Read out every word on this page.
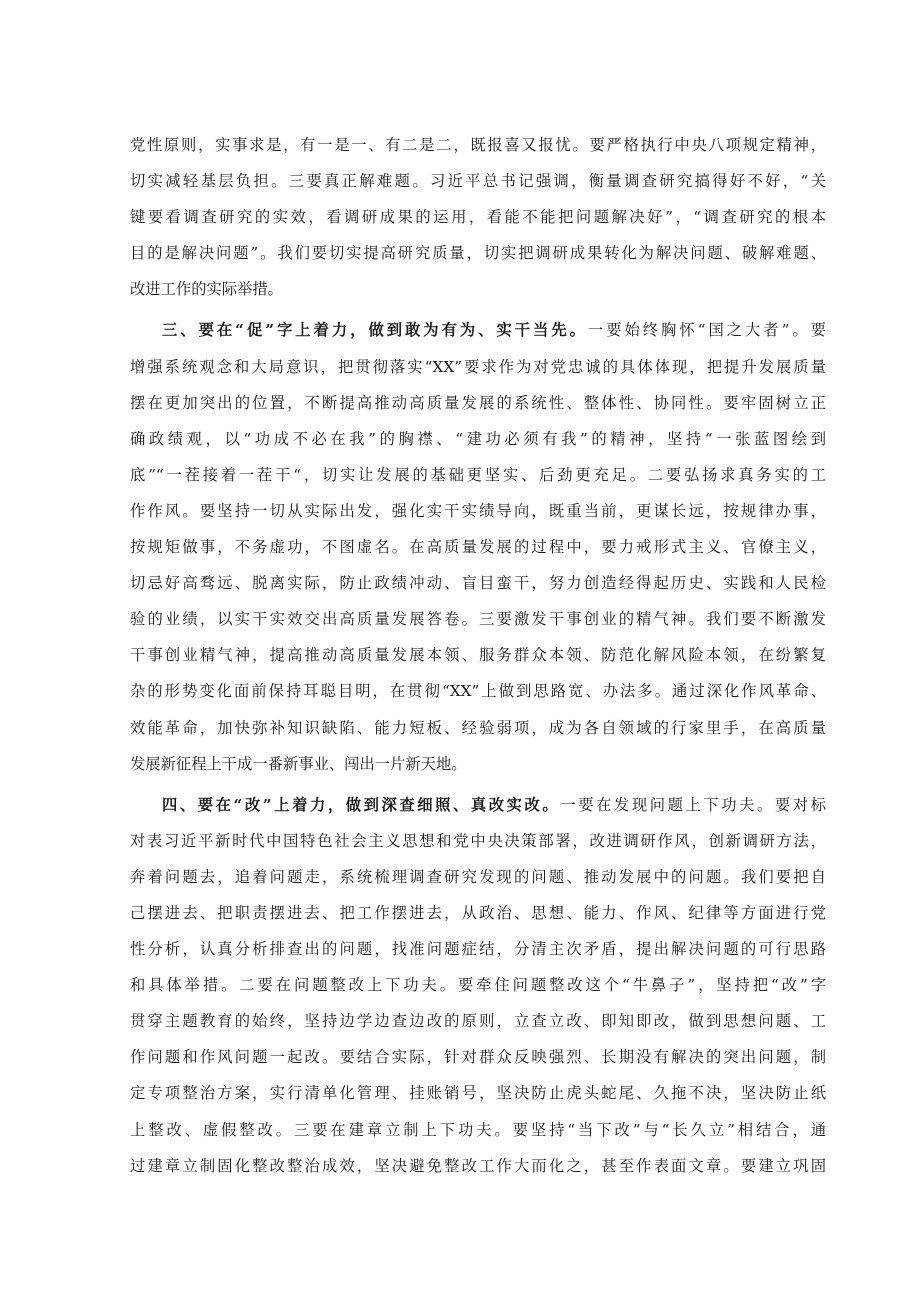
党性原则，实事求是，有一是一、有二是二，既报喜又报忧。要严格执行中央八项规定精神，
切实减轻基层负担。三要真正解难题。习近平总书记强调，衡量调查研究搞得好不好，“关
键要看调查研究的实效，看调研成果的运用，看能不能把问题解决好”，“调查研究的根本
目的是解决问题”。我们要切实提高研究质量，切实把调研成果转化为解决问题、破解难题、
改进工作的实际举措。
三、要在“促”字上着力，做到敢为有为、实干当先。一要始终胸怀“国之大者”。要
增强系统观念和大局意识，把贯彻落实“XX”要求作为对党忠诚的具体体现，把提升发展质量
摆在更加突出的位置，不断提高推动高质量发展的系统性、整体性、协同性。要牢固树立正
确政绩观，以“功成不必在我”的胸襟、“建功必须有我”的精神，坚持“一张蓝图绘到
底”“一茬接着一茬干“，切实让发展的基础更坚实、后劲更充足。二要弘扬求真务实的工
作作风。要坚持一切从实际出发，强化实干实绩导向，既重当前，更谋长远，按规律办事，
按规矩做事，不务虚功，不图虚名。在高质量发展的过程中，要力戒形式主义、官僚主义，
切忌好高骛远、脱离实际，防止政绩冲动、盲目蛮干，努力创造经得起历史、实践和人民检
验的业绩，以实干实效交出高质量发展答卷。三要激发干事创业的精气神。我们要不断激发
干事创业精气神，提高推动高质量发展本领、服务群众本领、防范化解风险本领，在纷繁复
杂的形势变化面前保持耳聪目明，在贯彻“XX”上做到思路宽、办法多。通过深化作风革命、
效能革命，加快弥补知识缺陷、能力短板、经验弱项，成为各自领域的行家里手，在高质量
发展新征程上干成一番新事业、闯出一片新天地。
四、要在“改”上着力，做到深查细照、真改实改。一要在发现问题上下功夫。要对标
对表习近平新时代中国特色社会主义思想和党中央决策部署，改进调研作风，创新调研方法，
奔着问题去，追着问题走，系统梳理调查研究发现的问题、推动发展中的问题。我们要把自
己摆进去、把职责摆进去、把工作摆进去，从政治、思想、能力、作风、纪律等方面进行党
性分析，认真分析排查出的问题，找准问题症结，分清主次矛盾，提出解决问题的可行思路
和具体举措。二要在问题整改上下功夫。要牵住问题整改这个“牛鼻子”，坚持把“改”字
贯穿主题教育的始终，坚持边学边查边改的原则，立查立改、即知即改，做到思想问题、工
作问题和作风问题一起改。要结合实际，针对群众反映强烈、长期没有解决的突出问题，制
定专项整治方案，实行清单化管理、挂账销号，坚决防止虎头蛇尾、久拖不决，坚决防止纸
上整改、虚假整改。三要在建章立制上下功夫。要坚持“当下改”与“长久立”相结合，通
过建章立制固化整改整治成效，坚决避免整改工作大而化之，甚至作表面文章。要建立巩固
